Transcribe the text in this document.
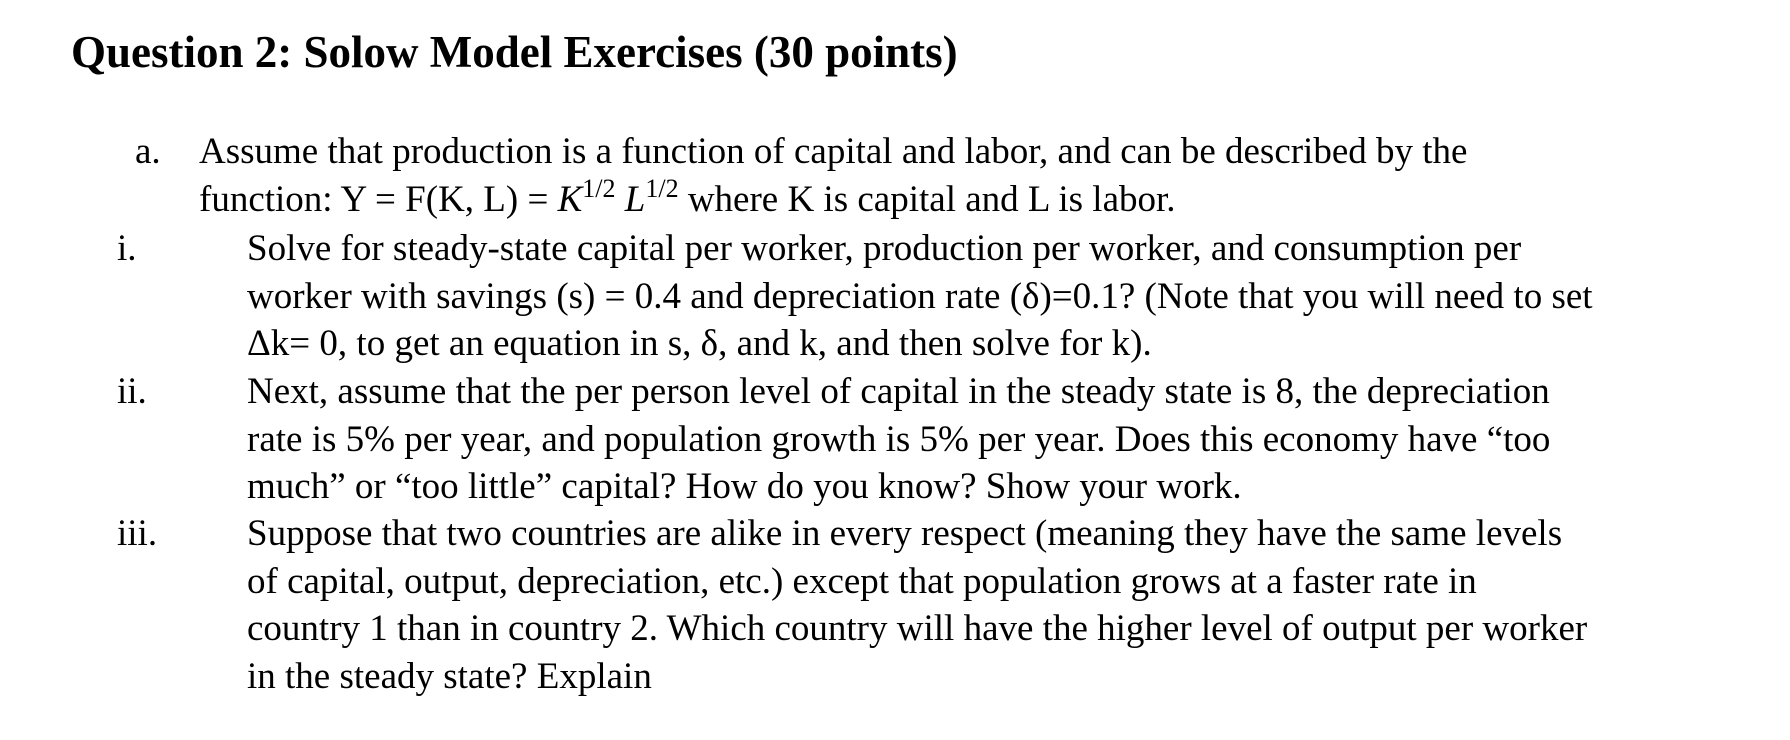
Question 2: Solow Model Exercises (30 points)
a. Assume that production is a function of capital and labor, and can be described by the
function: Y = F(K, $L) = K^{1/2}$ $L^{1/2}$ where K is capital and L is labor.
i.	Solve for steady-state capital per worker, production per worker, and consumption per
worker with savings (s) = 0.4 and depreciation rate (δ)=0.1? (Note that you will need to set
Δk= 0, to get an equation in s, δ, and k, and then solve for k).
ii.	Next, assume that the per person level of capital in the steady state is 8, the depreciation
rate is 5% per year, and population growth is 5% per year. Does this economy have “too
much” or “too little” capital? How do you know? Show your work.
iii. Suppose that two countries are alike in every respect (meaning they have the same levels
of capital, output, depreciation, etc.) except that population grows at a faster rate in
country 1 than in country 2. Which country will have the higher level of output per worker
in the steady state? Explain
